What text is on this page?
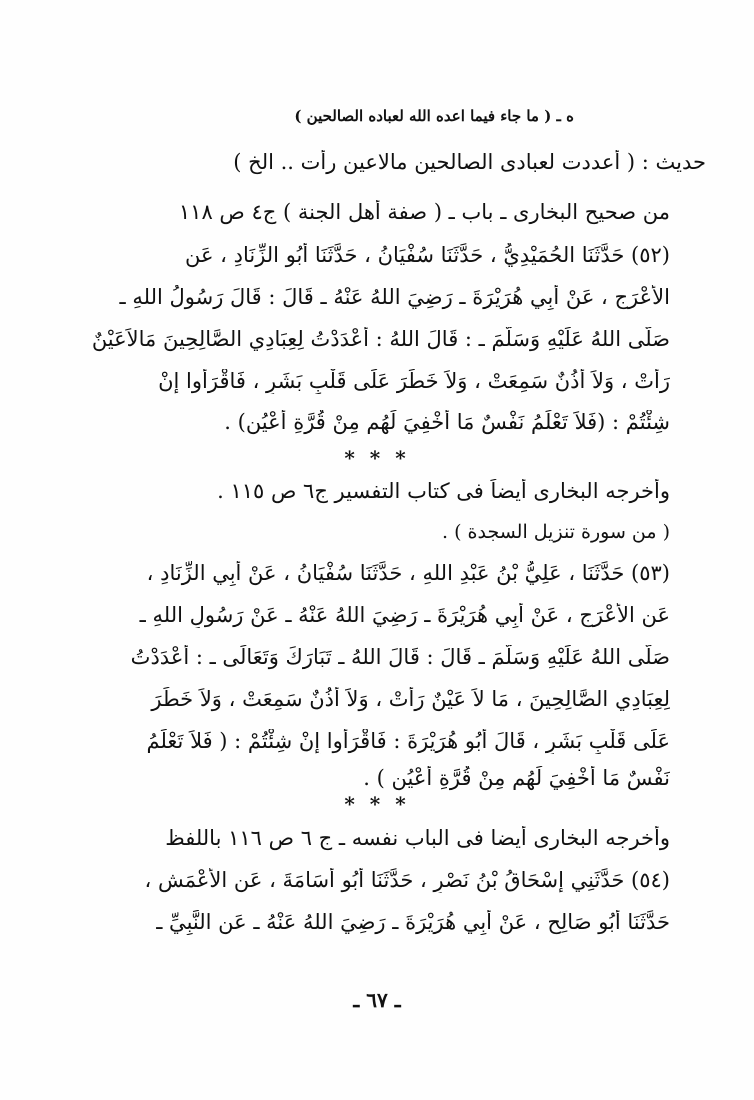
ه ـ ( ما جاء فيما اعده الله لعباده الصالحين )
حديث : ( أعددت لعبادى الصالحين مالاعين رأت .. الخ )
من صحيح البخارى ـ باب ـ ( صفة أهل الجنة ) ج٤ ص ١١٨
(٥٢) حَدَّثَنَا الحُمَيْدِيُّ ، حَدَّثَنَا سُفْيَانُ ، حَدَّثَنَا أَبُو الزِّنَادِ ، عَنِ
الأَعْرَجِ ، عَنْ أَبِي هُرَيْرَةَ ـ رَضِيَ اللهُ عَنْهُ ـ قَالَ : قَالَ رَسُولُ اللهِ ـ
صَلَّى اللهُ عَلَيْهِ وَسَلَّمَ ـ : قَالَ اللهُ : أَعْدَدْتُ لِعِبَادِي الصَّالِحِينَ مَالاَعَيْنٌ
رَأَتْ ، وَلاَ أُذُنٌ سَمِعَتْ ، وَلاَ خَطَرَ عَلَى قَلْبِ بَشَرٍ ، فَاقْرَأُوا إِنْ
شِئْتُمْ : (فَلاَ تَعْلَمُ نَفْسٌ مَا أُخْفِيَ لَهُم مِنْ قُرَّةِ أَعْيُنٍ) .
* * *
وأخرجه البخارى أيضاً فى كتاب التفسير ج٦ ص ١١٥ .
( من سورة تنزيل السجدة ) .
(٥٣) حَدَّثَنَا ، عَلِيُّ بْنُ عَبْدِ اللهِ ، حَدَّثَنَا سُفْيَانُ ، عَنْ أَبِي الزِّنَادِ ،
عَنِ الأَعْرَجِ ، عَنْ أَبِي هُرَيْرَةَ ـ رَضِيَ اللهُ عَنْهُ ـ عَنْ رَسُولِ اللهِ ـ
صَلَّى اللهُ عَلَيْهِ وَسَلَّمَ ـ قَالَ : قَالَ اللهُ ـ تَبَارَكَ وَتَعَالَى ـ : أَعْدَدْتُ
لِعِبَادِي الصَّالِحِينَ ، مَا لاَ عَيْنٌ رَأَتْ ، وَلاَ أُذُنٌ سَمِعَتْ ، وَلاَ خَطَرَ
عَلَى قَلْبِ بَشَرٍ ، قَالَ أَبُو هُرَيْرَةَ : فَاقْرَأُوا إِنْ شِئْتُمْ : ( فَلاَ تَعْلَمُ
نَفْسٌ مَا أُخْفِيَ لَهُم مِنْ قُرَّةِ أَعْيُنٍ ) .
* * *
وأخرجه البخارى أيضا فى الباب نفسه ـ ج ٦ ص ١١٦ باللفظ
(٥٤) حَدَّثَنِي إِسْحَاقُ بْنُ نَصْرٍ ، حَدَّثَنَا أَبُو أُسَامَةَ ، عَنِ الأَعْمَشِ ،
حَدَّثَنَا أَبُو صَالِحٍ ، عَنْ أَبِي هُرَيْرَةَ ـ رَضِيَ اللهُ عَنْهُ ـ عَنِ النَّبِيِّ ـ
ـ ٦٧ ـ
